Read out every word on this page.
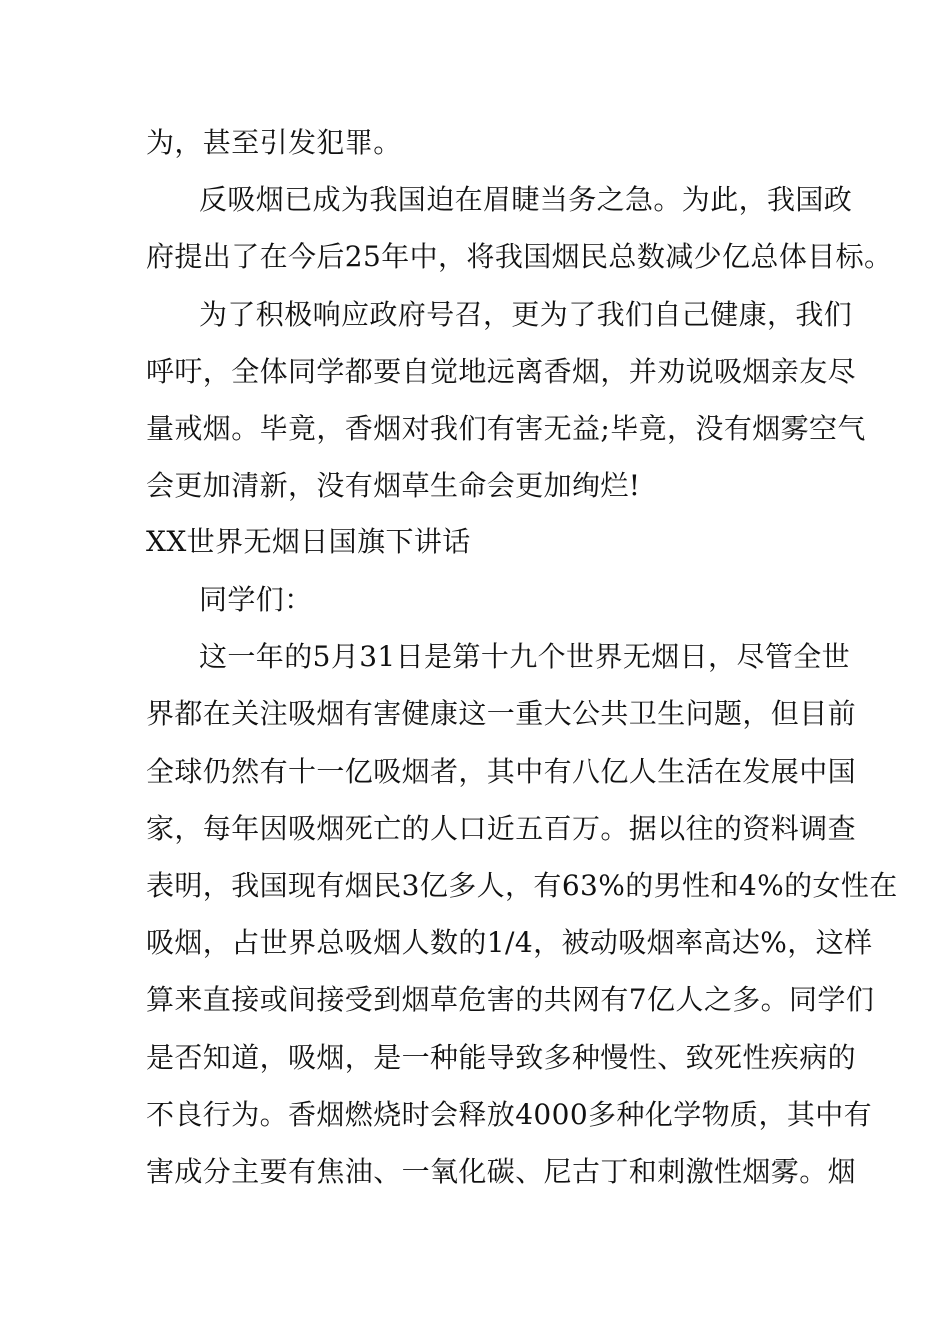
为，甚至引发犯罪。
反吸烟已成为我国迫在眉睫当务之急。为此，我国政
府提出了在今后25年中，将我国烟民总数减少亿总体目标。
为了积极响应政府号召，更为了我们自己健康，我们
呼吁，全体同学都要自觉地远离香烟，并劝说吸烟亲友尽
量戒烟。毕竟，香烟对我们有害无益;毕竟，没有烟雾空气
会更加清新，没有烟草生命会更加绚烂!
XX世界无烟日国旗下讲话
同学们：
这一年的5月31日是第十九个世界无烟日，尽管全世
界都在关注吸烟有害健康这一重大公共卫生问题，但目前
全球仍然有十一亿吸烟者，其中有八亿人生活在发展中国
家，每年因吸烟死亡的人口近五百万。据以往的资料调查
表明，我国现有烟民3亿多人，有63%的男性和4%的女性在
吸烟，占世界总吸烟人数的1/4，被动吸烟率高达%，这样
算来直接或间接受到烟草危害的共网有7亿人之多。同学们
是否知道，吸烟，是一种能导致多种慢性、致死性疾病的
不良行为。香烟燃烧时会释放4000多种化学物质，其中有
害成分主要有焦油、一氧化碳、尼古丁和刺激性烟雾。烟
